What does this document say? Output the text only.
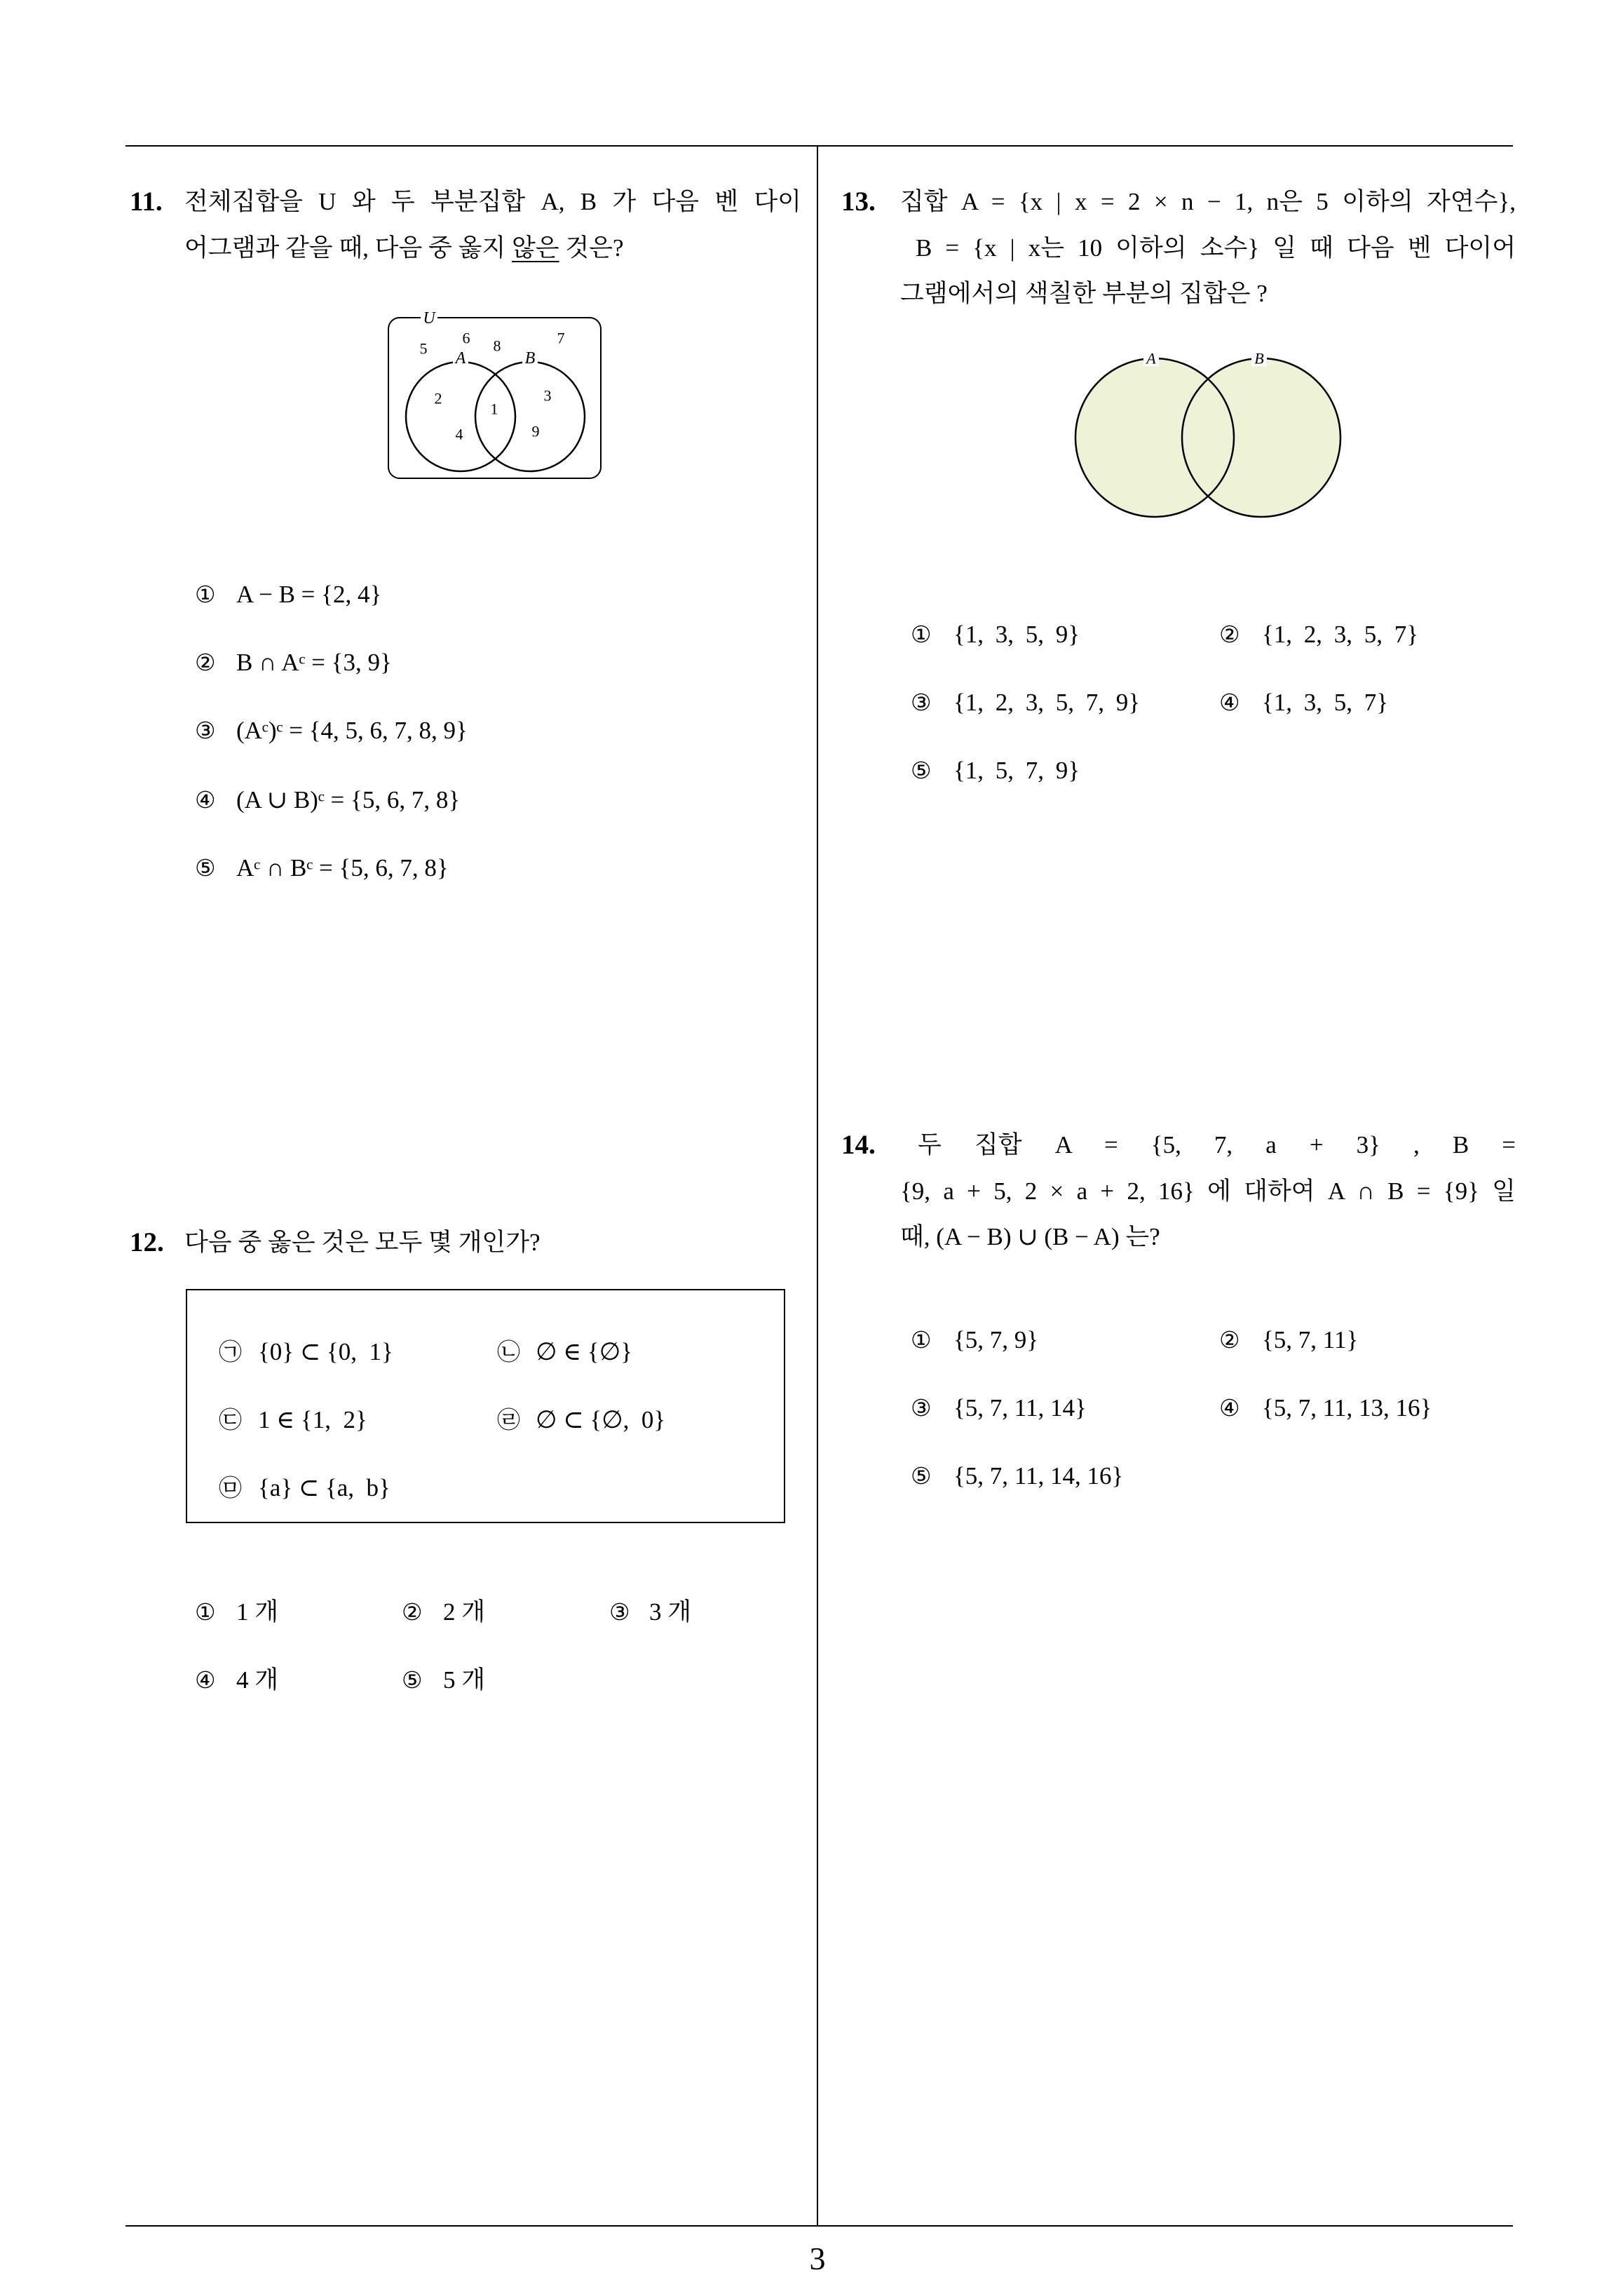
11. 전체집합을 U 와 두 부분집합 A, B 가 다음 벤 다이
어그램과 같을 때, 다음 중 옳지 않은 것은?
U
A	B
5
6 8	7
2
4
1
3
9
① A − B = {2, 4}
② B ∩ Aᶜ = {3, 9}
③ (Aᶜ)ᶜ = {4, 5, 6, 7, 8, 9}
④ (A ∪ B)ᶜ = {5, 6, 7, 8}
⑤ Aᶜ ∩ Bᶜ = {5, 6, 7, 8}
12. 다음 중 옳은 것은 모두 몇 개인가?
㉠ {0} ⊂ {0,  1}	㉡ ∅ ∈ {∅}
㉢ 1 ∈ {1,  2}	㉣ ∅ ⊂ {∅,  0}
㉤ {a} ⊂ {a,  b}
① 1 개	② 2 개	③ 3 개
④ 4 개	⑤ 5 개
13. 집합 A = {x | x = 2 × n − 1, n은 5 이하의 자연수},
B = {x | x는 10 이하의 소수} 일 때 다음 벤 다이어
그램에서의 색칠한 부분의 집합은 ?
A	B
① {1, 3, 5, 9}	② {1, 2, 3, 5, 7}
③ {1, 2, 3, 5, 7, 9}	④ {1, 3, 5, 7}
⑤ {1, 5, 7, 9}
14. 두 집합 A = {5, 7, a + 3} , B =
{9, a + 5, 2 × a + 2, 16} 에 대하여 A ∩ B = {9} 일
때, (A − B) ∪ (B − A) 는?
① {5, 7, 9}	② {5, 7, 11}
③ {5, 7, 11, 14}	④ {5, 7, 11, 13, 16}
⑤ {5, 7, 11, 14, 16}
3
